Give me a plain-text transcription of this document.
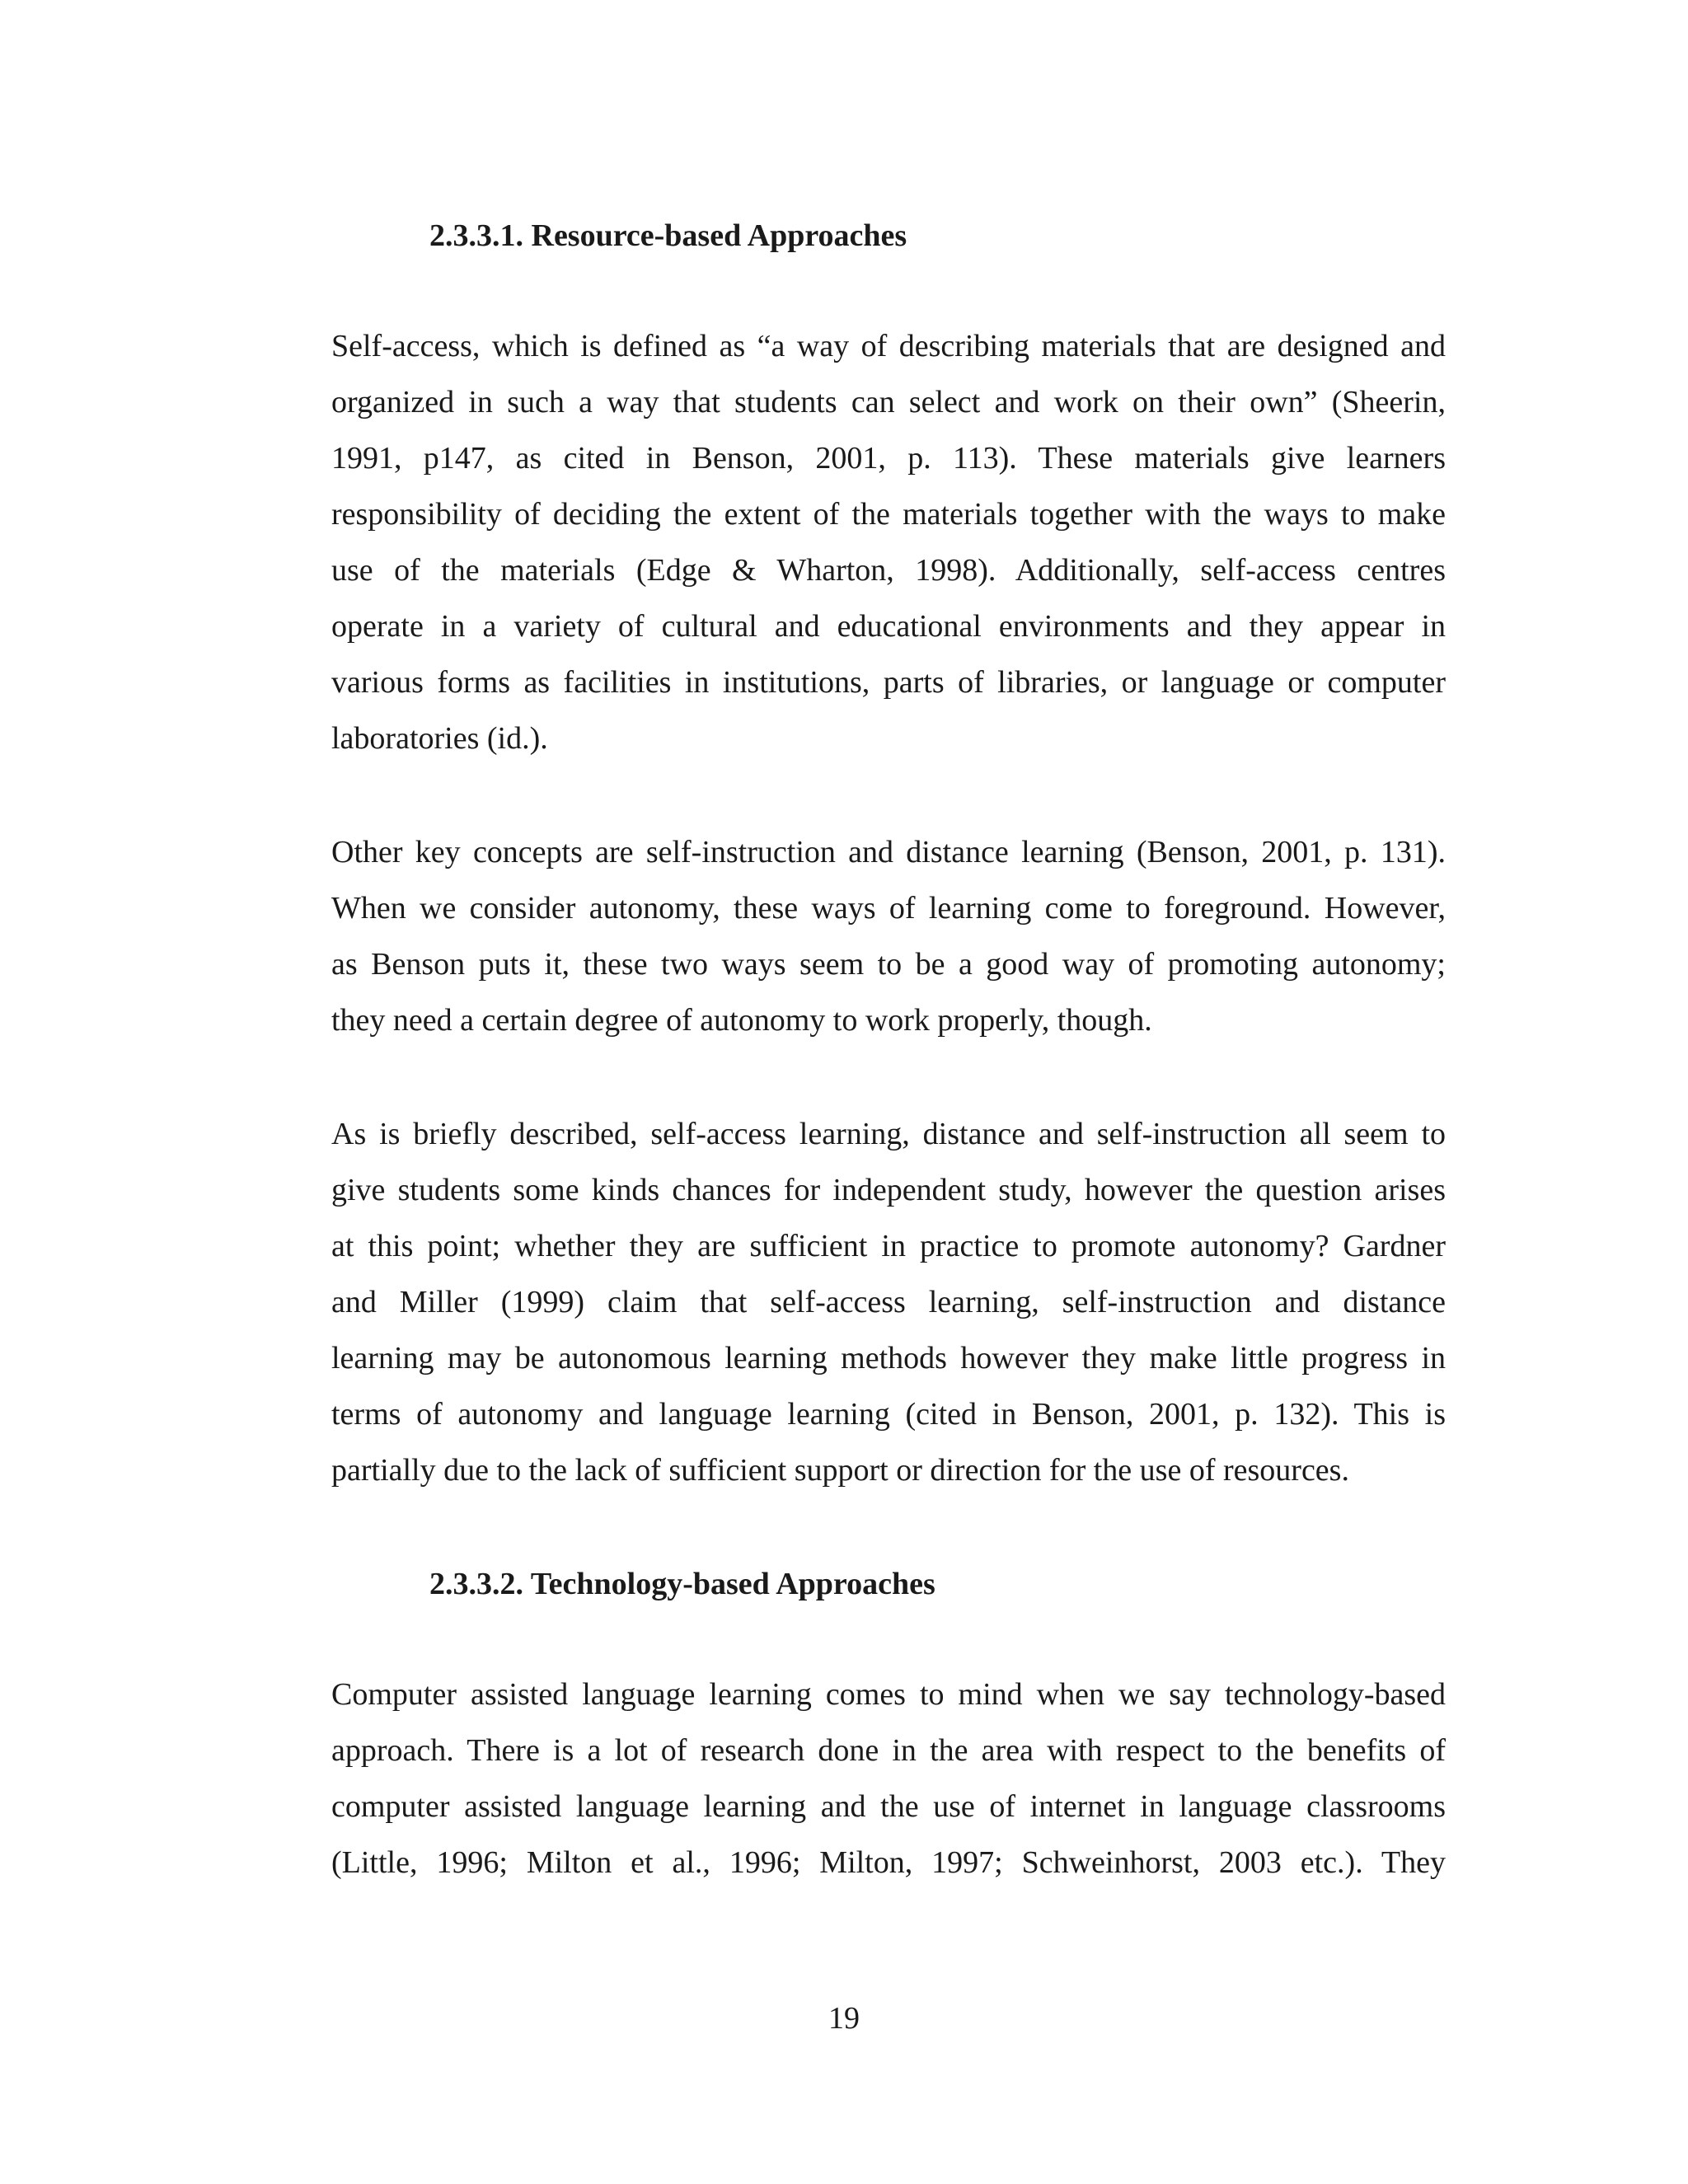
2.3.3.1. Resource-based Approaches
Self-access, which is defined as “a way of describing materials that are designed and
organized in such a way that students can select and work on their own” (Sheerin,
1991, p147, as cited in Benson, 2001, p. 113). These materials give learners
responsibility of deciding the extent of the materials together with the ways to make
use of the materials (Edge & Wharton, 1998). Additionally, self-access centres
operate in a variety of cultural and educational environments and they appear in
various forms as facilities in institutions, parts of libraries, or language or computer
laboratories (id.).
Other key concepts are self-instruction and distance learning (Benson, 2001, p. 131).
When we consider autonomy, these ways of learning come to foreground. However,
as Benson puts it, these two ways seem to be a good way of promoting autonomy;
they need a certain degree of autonomy to work properly, though.
As is briefly described, self-access learning, distance and self-instruction all seem to
give students some kinds chances for independent study, however the question arises
at this point; whether they are sufficient in practice to promote autonomy? Gardner
and Miller (1999) claim that self-access learning, self-instruction and distance
learning may be autonomous learning methods however they make little progress in
terms of autonomy and language learning (cited in Benson, 2001, p. 132). This is
partially due to the lack of sufficient support or direction for the use of resources.
2.3.3.2. Technology-based Approaches
Computer assisted language learning comes to mind when we say technology-based
approach. There is a lot of research done in the area with respect to the benefits of
computer assisted language learning and the use of internet in language classrooms
(Little, 1996; Milton et al., 1996; Milton, 1997; Schweinhorst, 2003 etc.). They
19
